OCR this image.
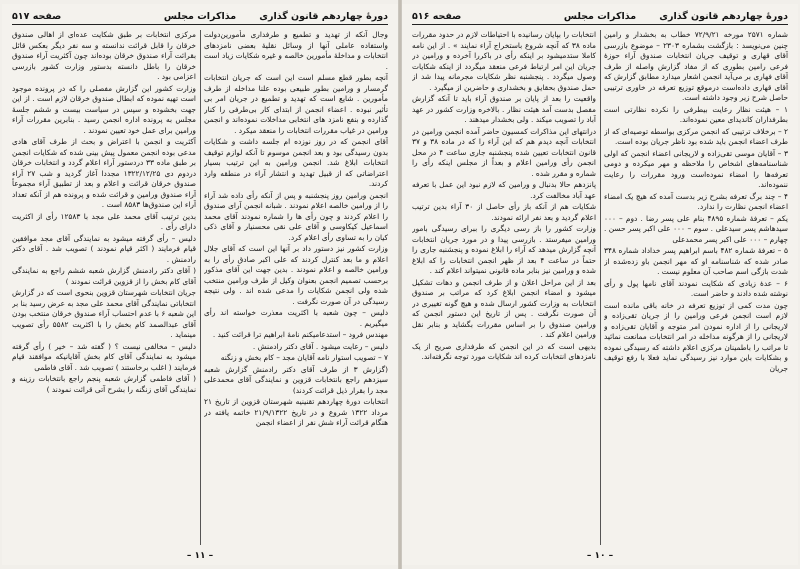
دورهٔ چهاردهم قانون گذاری
مذاکرات مجلس
صفحه ۵۱۷

وجال آنکه از تهدید و تطمیع و طرفداری مأمورین‌دولت واستفاده عاملی آنها از وسائل نقلیهٔ بعضی نامزدهای انتخابات و مداخلهٔ مأمورین خالصه و غیره شکایات زیاد است .

آنچه بطور قطع مسلم است این است که جریان انتخابات گرمسار و ورامین بطور طبیعی بوده علنا مداخله از طرف مأمورین . شایع است که تهدید و تطمیع در جریان امر بی تأثیر نبوده . اعضاء انجمن از ابتدای کار بی‌طرفی را کنار گذارده و بنفع نامزد های انتخابی مداخلات نموده‌اند و انجمن ورامین در غیاب مقررات انتخابات را منعقد میکرد .

آقای انجمن که در روز نوزده ام جلسه داشت و شکایات بدون رسیدگی بود و بعد انجمن موسوم تا آنکه لوازم توقیف انتخابات ابلاغ شد. انجمن ورامین به این ترتیب بسیار اعتراضاتی که از قبیل تهدید و انتشار آراء در منطقه وارد کردند.

انجمن ورامین روز پنجشنبه و پس از آنکه رأی داده شد آراء را از ورامین خالصه اعلام نمودند . شبانه انجمن آرای صندوق را اعلام کردند و چون رأی ها را شماره نمودند آقای محمد اسماعیل کیکاوسی و آقای علی نقی محسنیار و آقای ذکی کیان را به تساوی رأی اعلام کرد.

وزارت کشور نیز دستور داد بر آنها این است که آقای جلال اعلام و ما بعد کنترل کردند که علی اکبر صادق رأی را به ورامین خالصه و اعلام نمودند . بدین جهت این آقای مذکور برحسب تصمیم انجمن بعنوان وکیل از طرف ورامین منتخب شده ولی انجمن شکایات را مدعی شده اند . ولی نتیجه رسیدگی در آن صورت نگرفت .

دلیس – چون شعبه با اکثریت معذرت خواسته اند رأی میگیریم .

مهندس فرود – استدعامیکنم نامهٔ ابراهیم ترا قرائت کنید .

دلیس – رعایت میشود . آقای دکتر رادمنش .

۷ – تصویب استوار نامه آقایان مجد – کام بخش و زنگنه

(گزارش ۳ از طرف آقای دکتر رادمنش گزارش شعبه سیزدهم راجع بانتخابات قزوین و نمایندگی آقای محمدعلی مجد را بقرار ذیل قرائت کردند)

انتخابات دورهٔ چهاردهم تقنینیه شهرستان قزوین از تاریخ ۲۱ مرداد ۱۳۲۲ شروع و در تاریخ ۲۱/۹/۱۳۲۲ خاتمه یافته در هنگام قرائت آراء شش نفر از اعضاء انجمن

مرکزی انتخابات بر طبق شکایت عده‌ای از اهالی صندوق خرقان را قابل قرائت ندانسته و سه نفر دیگر بعکس قائل بقرائت آراء صندوق خرقان بوده‌اند چون آکثریت آراء صندوق خرقان را باطل دانسته بدستور وزارت کشور بازرسی اعزامی بود .

وزارت کشور این گزارش مفصلی را که در پرونده موجود است تهیه نموده که ابطال صندوق خرقان لازم است . از این جهت بخشوده و سپس در سیاست بیست و ششم جلسهٔ مجلس به پرونده اداره انجمن رسید . بنابرین مقررات آراء ورامین برای عمل خود تعیین نمودند .

آکثریت و انجمن با اعتراض و بحث از طرف آقای هادی مدعی بوده انجمن معمول پیش بینی شده که شکایات انجمن بر طبق ماده ۳۳ دردستور آراء اعلام گردد و انتخابات خرقان دردوم دی ۱۳۲۲/۱۲/۲۵ مجددا آغاز گردید و شب ۲۷ آراء صندوق خرقان قرائت و اعلام و بعد از تطبیق آراء مجموعاً آراء صندوق ورامین و قرائت شده و پرونده هم از آنکه تعداد آراء این صندوق‌ها ۸۵۸۳ است .

بدین ترتیب آقای محمد علی مجد با ۱۲۵۸۳ رأی از اکثریت دارای رأی .

دلیس – رأی گرفته میشود به نمایندگی آقای مجد موافقین قیام فرمایند ( اکثر قیام نمودند ) تصویب شد . آقای دکتر رادمنش .

( آقای دکتر رادمنش گزارش شعبه ششم راجع به نمایندگی آقای کام بخش را از قزوین قرائت نمودند )

جریان انتخابات شهرستان قزوین بنحوی است که در گزارش انتخاباتی نمایندگی آقای محمد علی مجد به عرض رسید بنا بر این شعبه ۶ با عدم احتساب آراء صندوق خرقان منتخب بودن آقای عبدالصمد کام بخش را با اکثریت ۵۵۸۲ رأی تصویب مینماید .

دلیس – مخالفی نیست ؟ ( گفته شد – خیر ) رأی گرفته میشود به نمایندگی آقای کام بخش آقایانیکه موافقند قیام فرمایند ( اغلب برخاستند ) تصویب شد . آقای فاطمی

( آقای فاطمی گزارش شعبه پنجم راجع بانتخابات رزینه و نمایندگی آقای زنگنه را بشرح آتی قرائت نمودند )

– ۱۱ –
دورهٔ چهاردهم قانون گذاری
مذاکرات مجلس
صفحه ۵۱۶

شماره ۲۵۷۱ مورخه ۷۲/۹/۲۱ خطاب به بخشدار و رامین چنین می‌نویسد : بازگشت بشماره ۲۳۰۳ – موضوع بازرسی آقای قهاری و توقیف جریان انتخابات صندوق آراء حوزهٔ فرعی رامین بطوری که از مفاد گزارش واصله از طرف آقای فهاری بر می‌آید انجمن اشعار میدارد مطابق گزارش که آقای قهاری داده‌است درموقع توزیع تعرفه در خاوری ترتیبی حاصل شرح زیر وجود داشته است.

۱ – هیئت نظار رعایت بیطرفی را نکرده نظارتی است بطرفداران کاندیدای معین نموده‌اند.

۲ – برخلاف ترتیبی که انجمن مرکزی بواسطه توصیه‌ای که از طرف اعضاء انجمن باید شده بود ناظر جریان بوده است.

۳ – آقایان موسی تقی‌زاده و لاریجانی اعضاء انجمن که اولی شناسنامه‌های اشخاص را ملاحظه و مهر میکرده و دومی تعرفه‌ها را امضاء نموده‌است ورود مقررات را رعایت ننموده‌اند.

۴ – چند برگ تعرفه بشرح زیر بدست آمده که هیچ یک امضاء اعضاء انجمن نظارت را ندارد.

یکم – تعرفهٔ شماره ۴۸۹۵ بنام علی پسر رضا . دوم – ۰۰۰ سیدهاشم پسر سیدعلی . سوم – ۰۰۰ علی اکبر پسر حسن . چهارم – ۰۰۰ علی اکبر پسر محمدعلی

۵ – تعرفهٔ شماره ۴۸۲ باسم ابراهیم پسر خداداد شماره ۳۴۸ صادر شده که شناسنامه او که مهر انجمن باو زده‌شده از شدت بازگی اسم صاحب آن معلوم نیست .

۶ – عدهٔ زیادی که شکایت نمودند آقای نامها پول و رأی نوشته شده دادند و حاضر است.

چون مدت کمی از توزیع تعرفه در خانه باقی مانده است لازم است انجمن فرعی ورامین را از جریان تقی‌زاده و لاریجانی را از اداره نمودن امر متوجه و آقایان تقی‌زاده و لاریجانی را از هرگونه مداخله در امر انتخابات ممانعت نمائید تا مراتب را باطمینان مرکزی اعلام داشته که رسیدگی نموده و بشکایات باین موارد نیز رسیدگی نماید فعلا با رفع توقیف جریان

انتخابات را بپایان رسانیده با احتیاطات لازم در حدود مقررات ماده ۳۸ که آنچه شروع باستخراج آراء نمایند » . از این نامه کاملا ستدمیشود بر اینکه رأی در باکررا آخرده و ورامین در جریان این امر ارتباط فرعی منعقد میگردد از اینکه شکایات وصول میگردد . پنجشنبه نظر شکایات مجرمانه پیدا شد از حمل صندوق بحقایق و بخشداری و حاضرین از میگیرد .

واقعیت را بعد از پایان بر صندوق آراء باید تا آنکه گزارش مفصل بدست آمد هیئت نظار . بالاخره وزارت کشور در عهد آباد را تصویب میکند . ولی بخشدار میدهند .

درانتهای این مذاکرات کمسیون حاضر آمده انجمن ورامین در انتخابات آنچه دیدم هم که این آراء را که در ماده ۳۸ و ۳۷ قانون انتخابات تعیین شده پنجشنبه جاری ساعت ۴ در محل انجمن رأی ورامین اعلام و بعداً از مجلس اینکه رأی را شماره و مقرر شده .

پانزدهم حالا بدنبال و ورامین که لازم نبود این عمل با تعرفه عهد آباد مخالفت کرد.

شکایات هم از آنکه باز رأی حاصل از ۳۰ آراء بدین ترتیب اعلام گردید و بعد نفر ارائه نمودند.

وزارت کشور را باز رسی دیگری را ببرای رسیدگی بامور ورامین میفرستد . بازرسی پیدا و در مورد جریان انتخابات آنچه گزارش میدهد که آراء را ابلاغ نموده و پنجشنبه جاری را حتماً در ساعت ۴ بعد از ظهر انجمن انتخابات را که ابلاغ شده و ورامین نیز بنابر ماده قانونی نمیتواند اعلام کند .

بعد از این مراحل اعلان و از طرف انجمن و دهات تشکیل میشود و امضاء انجمن ابلاغ کرد که مراتب بر صندوق انتخابات به وزارت کشور ارسال شده و هیچ گونه تغییری در آن صورت نگرفت . پس از تاریخ این دستور انجمن که ورامین صندوق را بر اساس مقررات بگشاید و بنابر نقل ورامین اعلام کند .

بدیهی است که در این انجمن که طرفداری صریح از یک نامزدهای انتخابات کرده اند شکایات مورد توجه نگرفته‌اند.

– ۱۰ –
